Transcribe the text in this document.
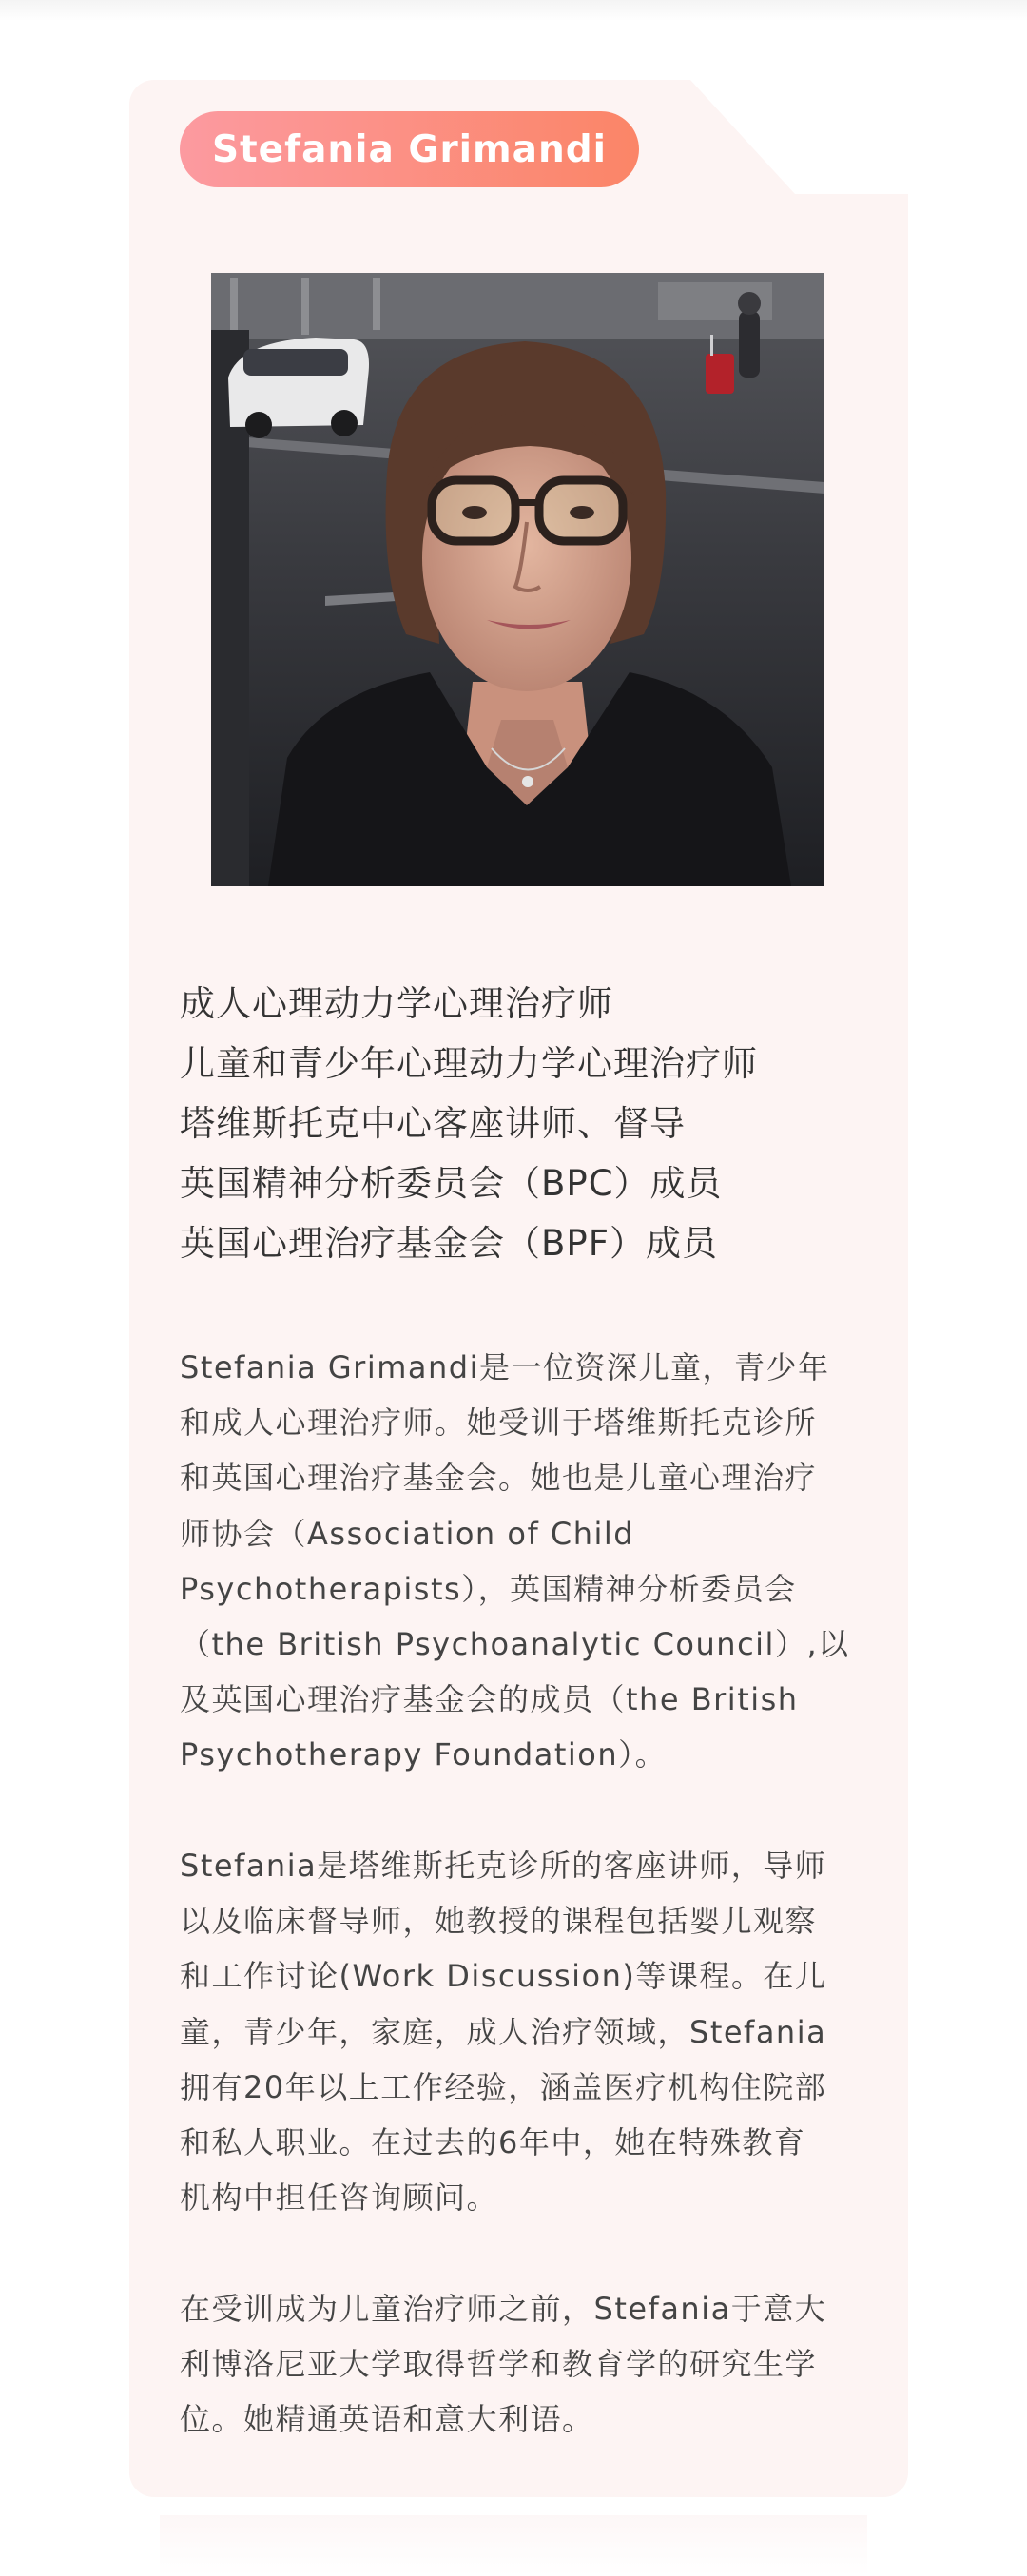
Stefania Grimandi
成人心理动力学心理治疗师
儿童和青少年心理动力学心理治疗师
塔维斯托克中心客座讲师、督导
英国精神分析委员会（BPC）成员
英国心理治疗基金会（BPF）成员

Stefania Grimandi是一位资深儿童，青少年
和成人心理治疗师。她受训于塔维斯托克诊所
和英国心理治疗基金会。她也是儿童心理治疗
师协会（Association of Child
Psychotherapists），英国精神分析委员会
（the British Psychoanalytic Council）,以
及英国心理治疗基金会的成员（the British
Psychotherapy Foundation）。

Stefania是塔维斯托克诊所的客座讲师，导师
以及临床督导师，她教授的课程包括婴儿观察
和工作讨论(Work Discussion)等课程。在儿
童，青少年，家庭，成人治疗领域，Stefania
拥有20年以上工作经验，涵盖医疗机构住院部
和私人职业。在过去的6年中，她在特殊教育
机构中担任咨询顾问。

在受训成为儿童治疗师之前，Stefania于意大
利博洛尼亚大学取得哲学和教育学的研究生学
位。她精通英语和意大利语。
